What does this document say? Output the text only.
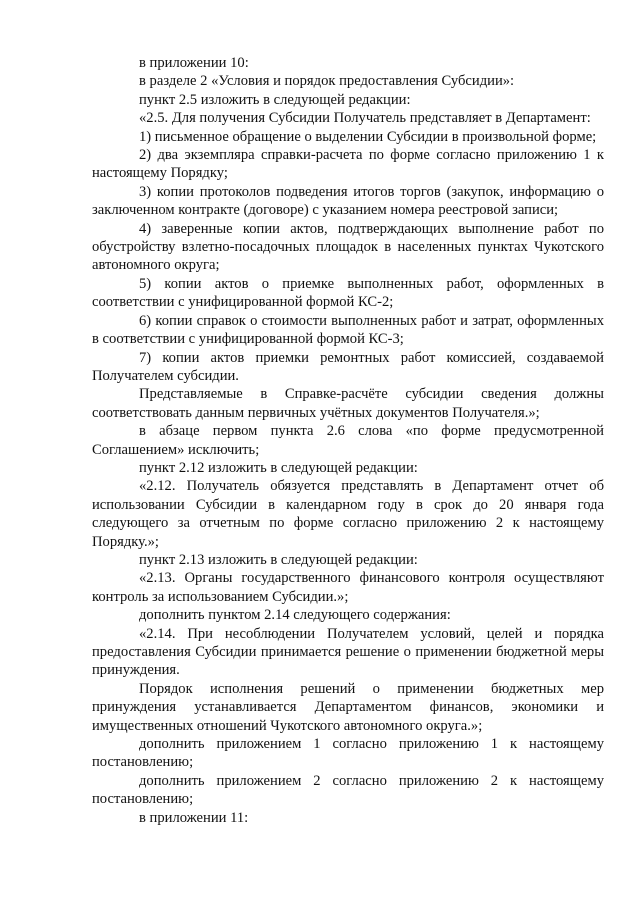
в приложении 10:

в разделе 2 «Условия и порядок предоставления Субсидии»:

пункт 2.5 изложить в следующей редакции:

«2.5. Для получения Субсидии Получатель представляет в Департамент:

1) письменное обращение о выделении Субсидии в произвольной форме;

2) два экземпляра справки-расчета по форме согласно приложению 1 к настоящему Порядку;

3) копии протоколов подведения итогов торгов (закупок, информацию о заключенном контракте (договоре) с указанием номера реестровой записи;

4) заверенные копии актов, подтверждающих выполнение работ по обустройству взлетно-посадочных площадок в населенных пунктах Чукотского автономного округа;

5) копии актов о приемке выполненных работ, оформленных в соответствии с унифицированной формой КС-2;

6) копии справок о стоимости выполненных работ и затрат, оформленных в соответствии с унифицированной формой КС-3;

7) копии актов приемки ремонтных работ комиссией, создаваемой Получателем субсидии.

Представляемые в Справке-расчёте субсидии сведения должны соответствовать данным первичных учётных документов Получателя.»;

в абзаце первом пункта 2.6 слова «по форме предусмотренной Соглашением» исключить;

пункт 2.12 изложить в следующей редакции:

«2.12. Получатель обязуется представлять в Департамент отчет об использовании Субсидии в календарном году в срок до 20 января года следующего за отчетным по форме согласно приложению 2 к настоящему Порядку.»;

пункт 2.13 изложить в следующей редакции:

«2.13. Органы государственного финансового контроля осуществляют контроль за использованием Субсидии.»;

дополнить пунктом 2.14 следующего содержания:

«2.14. При несоблюдении Получателем условий, целей и порядка предоставления Субсидии принимается решение о применении бюджетной меры принуждения.

Порядок исполнения решений о применении бюджетных мер принуждения устанавливается Департаментом финансов, экономики и имущественных отношений Чукотского автономного округа.»;

дополнить приложением 1 согласно приложению 1 к настоящему постановлению;

дополнить приложением 2 согласно приложению 2 к настоящему постановлению;

в приложении 11:
